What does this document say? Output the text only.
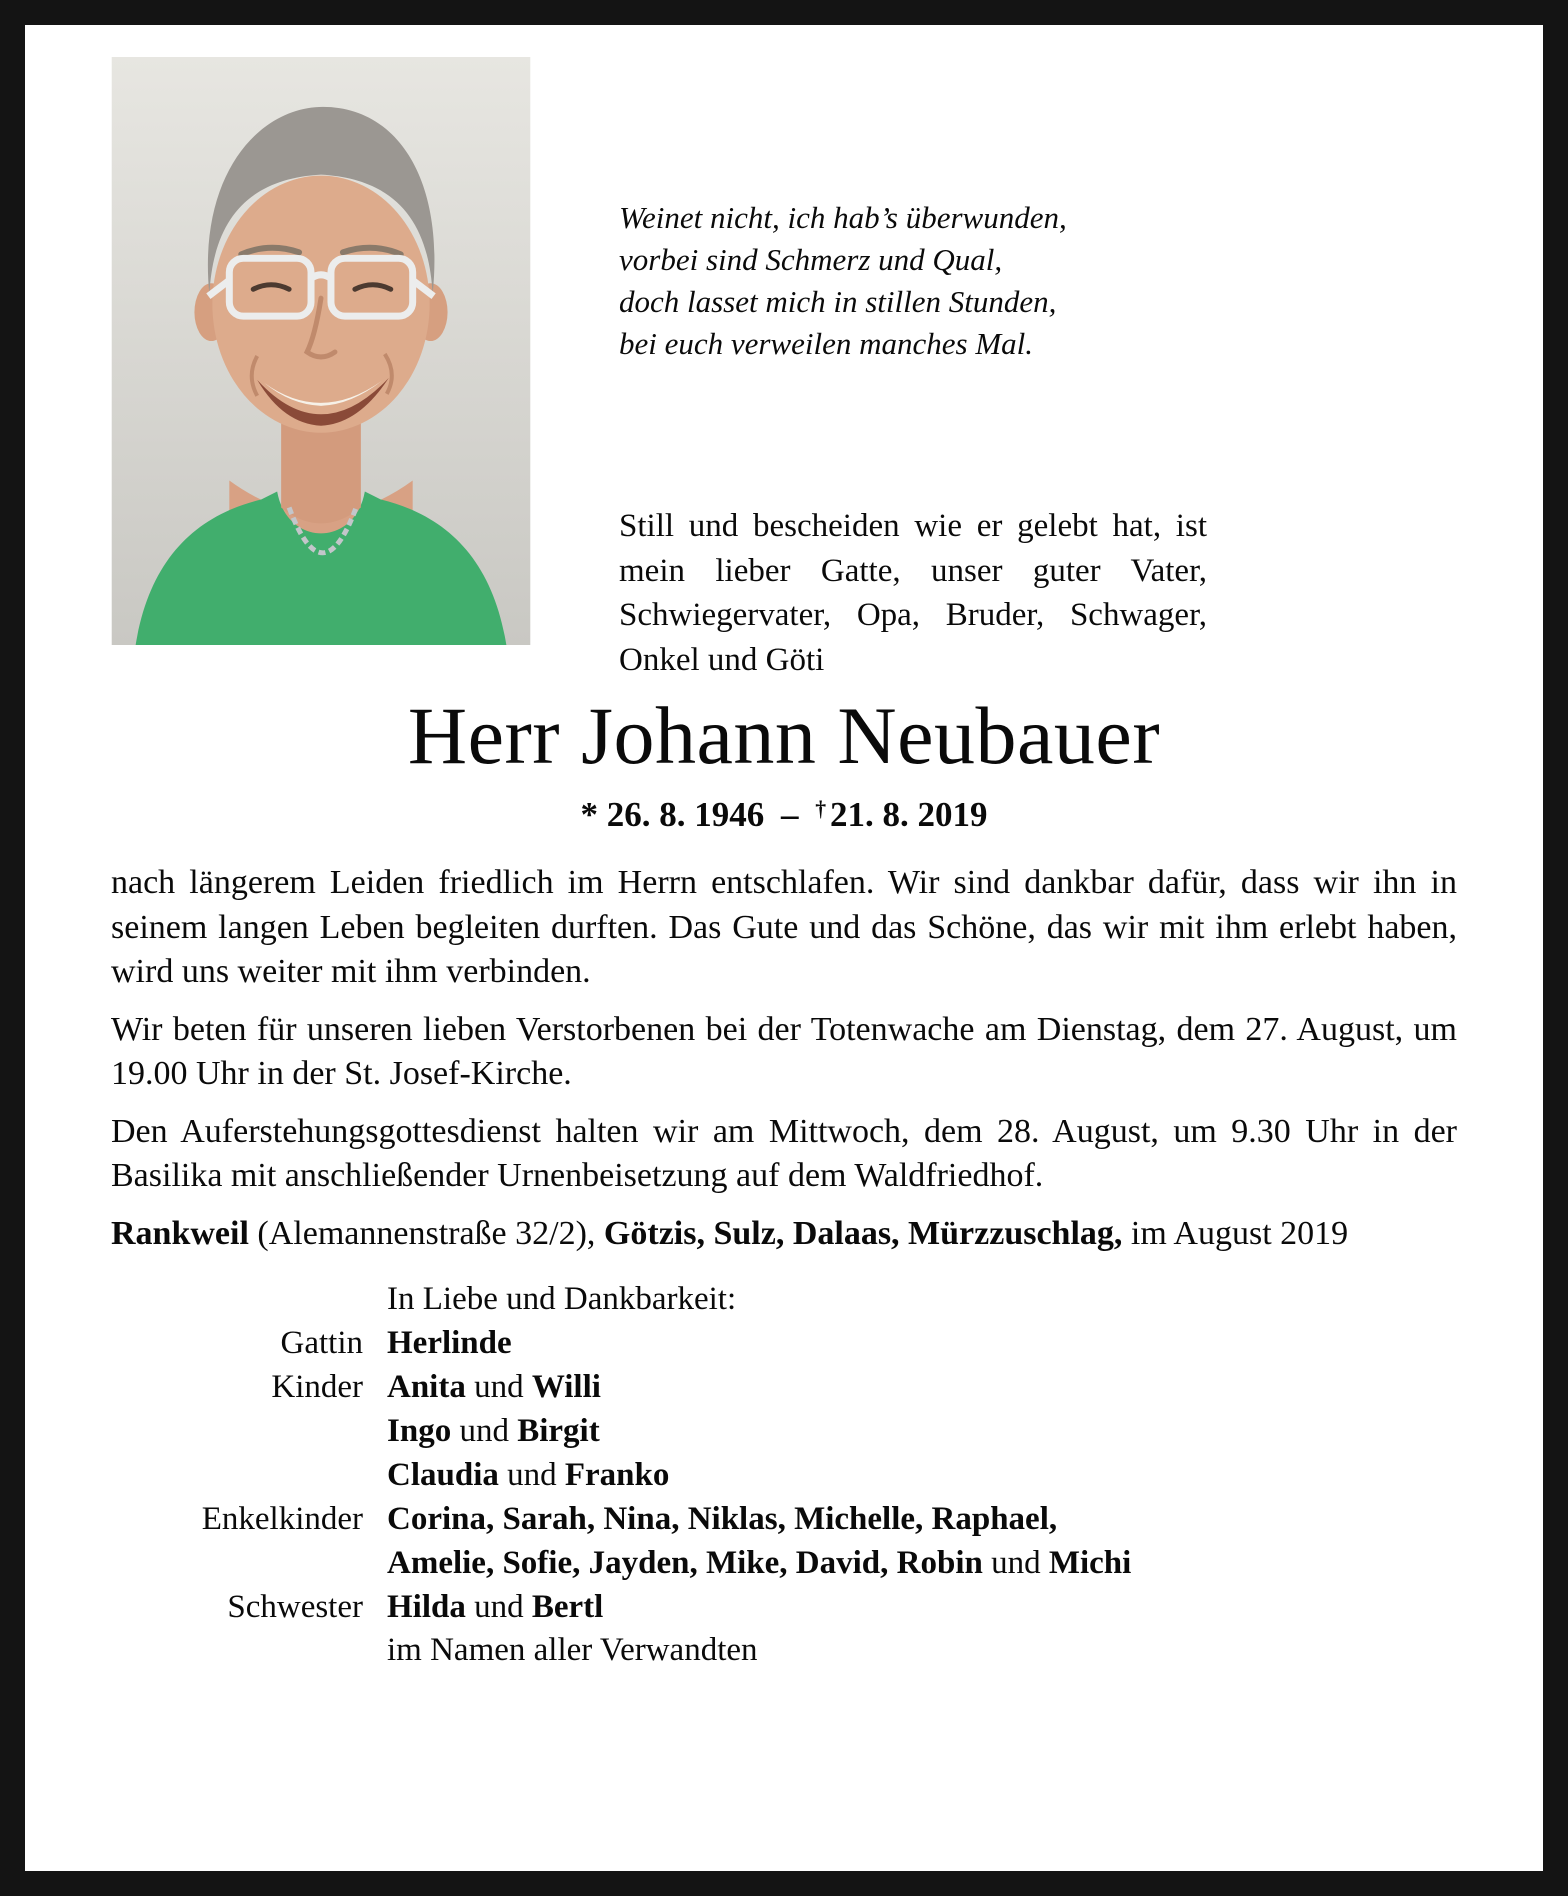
Weinet nicht, ich hab’s überwunden,
vorbei sind Schmerz und Qual,
doch lasset mich in stillen Stunden,
bei euch verweilen manches Mal.
Still und bescheiden wie er gelebt hat, ist mein lieber Gatte, unser guter Vater, Schwiegervater, Opa, Bruder, Schwager, Onkel und Göti
Herr Johann Neubauer
* 26. 8. 1946 – † 21. 8. 2019

nach längerem Leiden friedlich im Herrn entschlafen. Wir sind dankbar dafür, dass wir ihn in seinem langen Leben begleiten durften. Das Gute und das Schöne, das wir mit ihm erlebt haben, wird uns weiter mit ihm verbinden.

Wir beten für unseren lieben Verstorbenen bei der Totenwache am Dienstag, dem 27. August, um 19.00 Uhr in der St. Josef-Kirche.

Den Auferstehungsgottesdienst halten wir am Mittwoch, dem 28. August, um 9.30 Uhr in der Basilika mit anschließender Urnenbeisetzung auf dem Waldfriedhof.

Rankweil (Alemannenstraße 32/2), Götzis, Sulz, Dalaas, Mürzzuschlag, im August 2019

In Liebe und Dankbarkeit:
Gattin Herlinde
Kinder Anita und Willi
Ingo und Birgit
Claudia und Franko
Enkelkinder Corina, Sarah, Nina, Niklas, Michelle, Raphael,
Amelie, Sofie, Jayden, Mike, David, Robin und Michi
Schwester Hilda und Bertl
im Namen aller Verwandten
